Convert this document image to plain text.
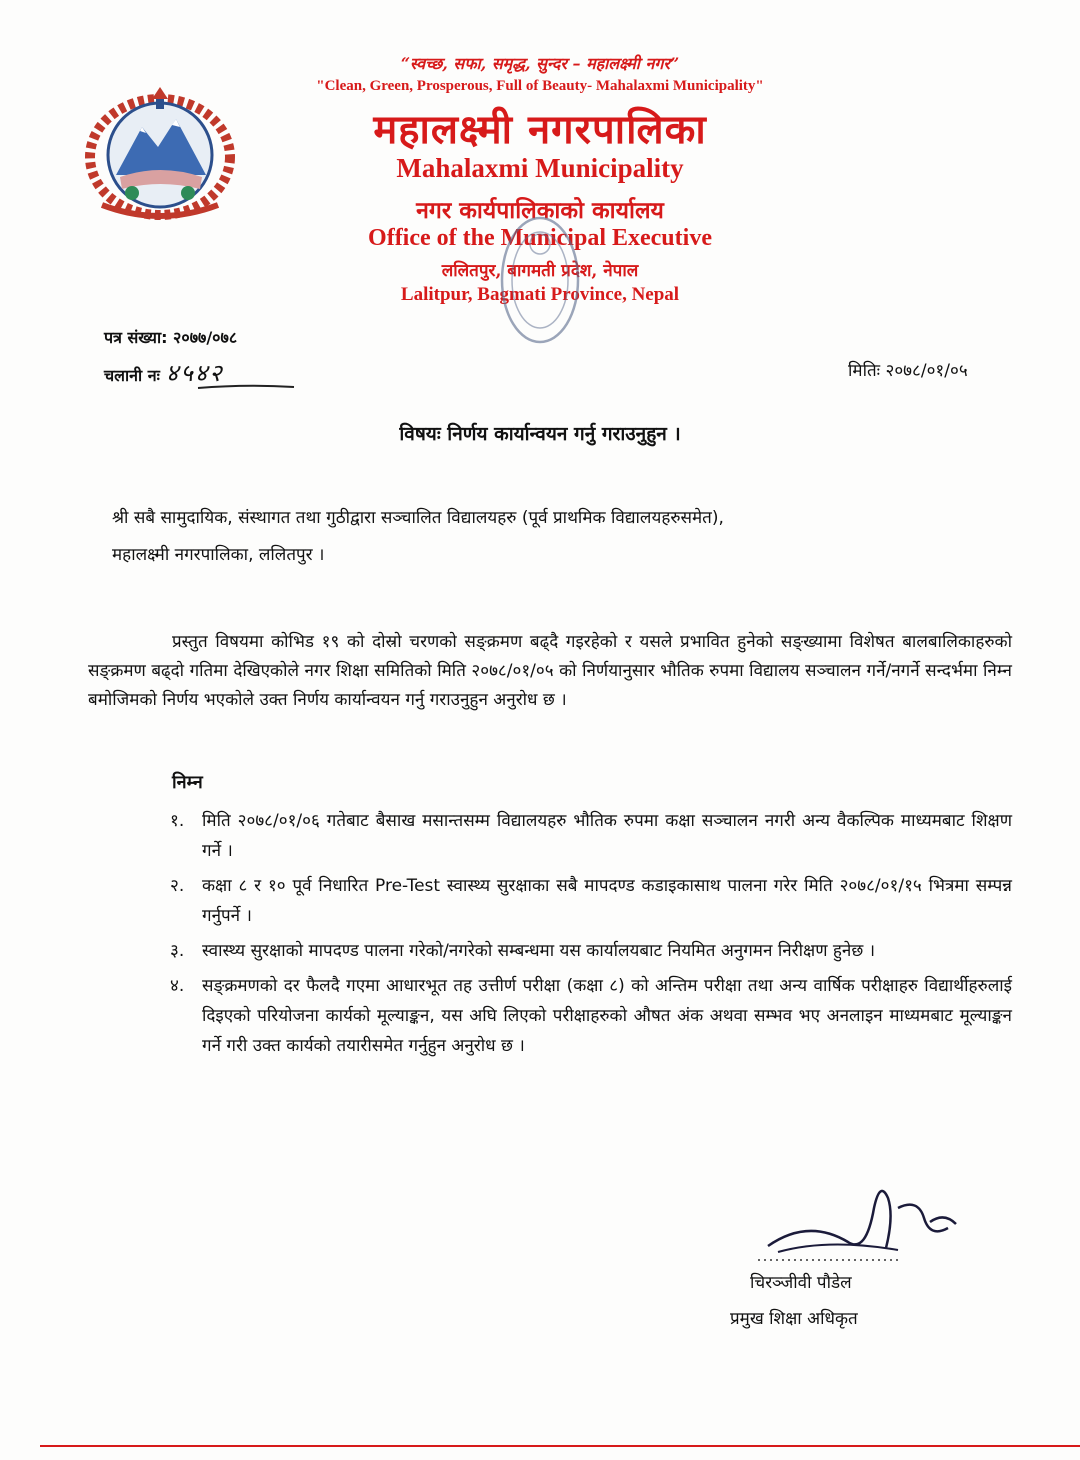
“स्वच्छ, सफा, समृद्ध, सुन्दर – महालक्ष्मी नगर”
"Clean, Green, Prosperous, Full of Beauty- Mahalaxmi Municipality"
महालक्ष्मी नगरपालिका
Mahalaxmi Municipality
नगर कार्यपालिकाको कार्यालय
Office of the Municipal Executive
ललितपुर, बागमती प्रदेश, नेपाल
Lalitpur, Bagmati Province, Nepal
पत्र संख्या: २०७७/०७८
चलानी नः ४५४२	मितिः २०७८/०१/०५
विषयः निर्णय कार्यान्वयन गर्नु गराउनुहुन ।
श्री सबै सामुदायिक, संस्थागत तथा गुठीद्वारा सञ्चालित विद्यालयहरु (पूर्व प्राथमिक विद्यालयहरुसमेत),
महालक्ष्मी नगरपालिका, ललितपुर ।
प्रस्तुत विषयमा कोभिड १९ को दोस्रो चरणको सङ्क्रमण बढ्दै गइरहेको र यसले प्रभावित हुनेको सङ्ख्यामा विशेषत बालबालिकाहरुको सङ्क्रमण बढ्दो गतिमा देखिएकोले नगर शिक्षा समितिको मिति २०७८/०१/०५ को निर्णयानुसार भौतिक रुपमा विद्यालय सञ्चालन गर्ने/नगर्ने सन्दर्भमा निम्न बमोजिमको निर्णय भएकोले उक्त निर्णय कार्यान्वयन गर्नु गराउनुहुन अनुरोध छ ।
निम्न
१. मिति २०७८/०१/०६ गतेबाट बैसाख मसान्तसम्म विद्यालयहरु भौतिक रुपमा कक्षा सञ्चालन नगरी अन्य वैकल्पिक माध्यमबाट शिक्षण गर्ने ।
२. कक्षा ८ र १० पूर्व निधारित Pre-Test स्वास्थ्य सुरक्षाका सबै मापदण्ड कडाइकासाथ पालना गरेर मिति २०७८/०१/१५ भित्रमा सम्पन्न गर्नुपर्ने ।
३. स्वास्थ्य सुरक्षाको मापदण्ड पालना गरेको/नगरेको सम्बन्धमा यस कार्यालयबाट नियमित अनुगमन निरीक्षण हुनेछ ।
४. सङ्क्रमणको दर फैलदै गएमा आधारभूत तह उत्तीर्ण परीक्षा (कक्षा ८) को अन्तिम परीक्षा तथा अन्य वार्षिक परीक्षाहरु विद्यार्थीहरुलाई दिइएको परियोजना कार्यको मूल्याङ्कन, यस अघि लिएको परीक्षाहरुको औषत अंक अथवा सम्भव भए अनलाइन माध्यमबाट मूल्याङ्कन गर्ने गरी उक्त कार्यको तयारीसमेत गर्नुहुन अनुरोध छ ।
चिरञ्जीवी पौडेल
प्रमुख शिक्षा अधिकृत
